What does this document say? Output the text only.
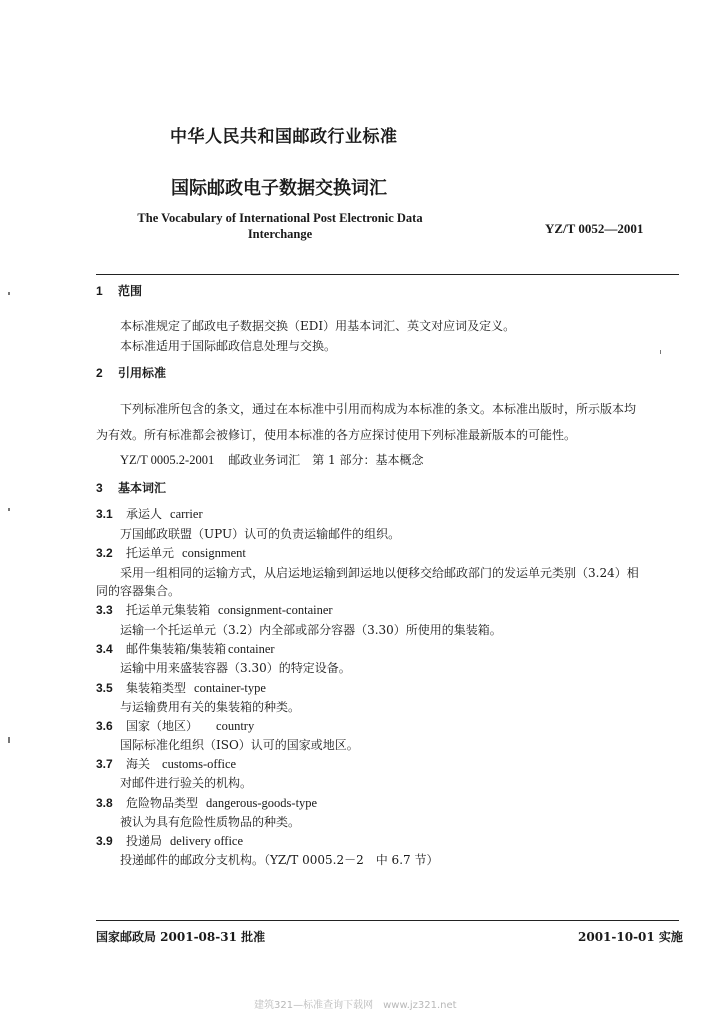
中华人民共和国邮政行业标准
国际邮政电子数据交换词汇
The Vocabulary of International Post Electronic Data Interchange	YZ/T 0052—2001
1 范围
本标准规定了邮政电子数据交换（EDI）用基本词汇、英文对应词及定义。
本标准适用于国际邮政信息处理与交换。
2 引用标准
下列标准所包含的条文，通过在本标准中引用而构成为本标准的条文。本标准出版时，所示版本均
为有效。所有标准都会被修订，使用本标准的各方应探讨使用下列标准最新版本的可能性。
YZ/T 0005.2-2001 邮政业务词汇　第 1 部分：基本概念
3 基本词汇
3.1 承运人 carrier
万国邮政联盟（UPU）认可的负责运输邮件的组织。
3.2 托运单元 consignment
采用一组相同的运输方式，从启运地运输到卸运地以便移交给邮政部门的发运单元类别（3.24）相
同的容器集合。
3.3 托运单元集装箱 consignment-container
运输一个托运单元（3.2）内全部或部分容器（3.30）所使用的集装箱。
3.4 邮件集装箱/集装箱 container
运输中用来盛装容器（3.30）的特定设备。
3.5 集装箱类型 container-type
与运输费用有关的集装箱的种类。
3.6 国家（地区） country
国际标准化组织（ISO）认可的国家或地区。
3.7 海关 customs-office
对邮件进行验关的机构。
3.8 危险物品类型 dangerous-goods-type
被认为具有危险性质物品的种类。
3.9 投递局 delivery office
投递邮件的邮政分支机构。（YZ/T 0005.2－2　中 6.7 节）
国家邮政局 2001-08-31 批准	2001-10-01 实施
建筑321—标准查询下载网　www.jz321.net
